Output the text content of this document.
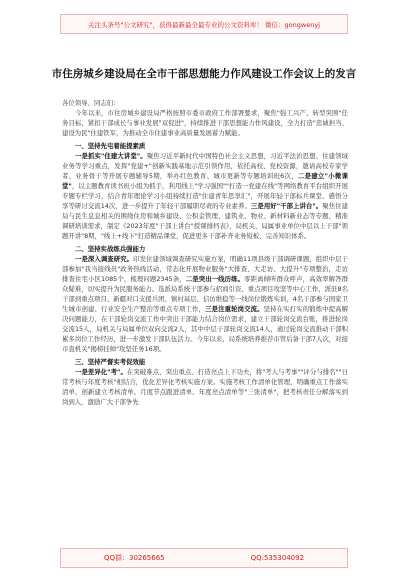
关注头条号"公文研究"，获得最新最全最专业的公文资料库！ 微信：gongwenyj
市住房城乡建设局在全市干部思想能力作风建设工作会议上的发言

各位领导、同志们：

今年以来，市住房城乡建设局严格按照市委市政府工作部署要求，聚焦"强工兴产、转型突围"任务目标，紧扣干部成长与事业发展"双促进"，持续推进干部思想能力作风建设，全力打造"忠诚担当、建设为民"住建铁军，为推动全市住建事业高质量发展蓄力赋能。

一、坚持先屯着能提素质

一是抓实"住建大讲堂"。聚焦习近平新时代中国特色社会主义思想，习近平法治思想、住建领域业务等学习重点，发挥"党建+"创新实践基地示范引领作用，依托高校、党校资源，邀请高校专家学者、业务骨干等开展专题辅导5期，举办红色教育、城市更新等专题培训班6次，二是建立"小微课堂"，以主题教育读书班小组为抓手，利用线上"学习强国""打造一党建在线"等网络教育平台组织开展专题专栏学习，结合青年理论学习小组持续打造"住建青年思享汇"，开展年轻干部标兵课堂、感悟分享等研讨交流14次，进一步提升了年轻干部履职尽责的专业素养。三是用好"干部上讲台"。聚焦住建局与民生息息相关的围绕住房和城乡建设、公积金管理、建筑业、物业、新材料新业态等专题，精准调研培训需求，制定《2023年度"干部上讲台"授课排档表》，局机关、局属事业单位中层以上干部"领题开讲"8期，"线上+线下"打造精品课堂，促进更多干部补齐业务短板、完善知识体系。

二、坚持实战练兵强能力

一是深入调查研究。印发住建领域调查研究实施方案，明确11项县级干部调研课题，组织中层干部参加"我当接线员"政务热线活动，常态化开展物业服务"大排查、大走访、大提升"专项整治，走访排查住宅小区1085个，梳理问题2345条，二是突出一线历练。零距离倾听群众呼声，高效率解答群众疑难，切实提升为民服务能力。选派局系统干部参与招商引资、重点项目攻坚等中心工作，派驻8名干部到重点项目、新疆对口支援兵团、镇村基层、信访维稳等一线岗位锻炼实训，4名干部参与国家卫生城市创建、行业安全生产整治等重点专项工作，三是注重轮岗交流。坚持在实打实的锻炼中提高解决问题能力，在干部轮岗交流工作中突出干部能力结合岗位需求，建立干部轮岗交流台账，推进轮岗交流15人，局机关与局属单位双向交流2人，其中中层干部轮岗交流14人，通过轮岗交流推动干部积累多岗位工作经历，进一步激发干部队伍活力。今年以来，局系统培养推荐市管后备干部7人次，对接市直机关"揭榜挂帅"攻坚任务16项。

三、坚持严督实考促效能

一是差异化"考"。在突破难点、突出重点、打造亮点上下功夫，将"考人与考事""评分与排名""日常考核与年度考核"相结合，优化差异化考核实施方案。实施考核工作清单化管理，明确重点工作落实清单，创新建立考核清单、月度节点跟进清单、年度亮点清单等"三张清单"，把考核责任分解落实到岗到人，激励广大干部争先

QQ群：30265665	QQ:535304092
